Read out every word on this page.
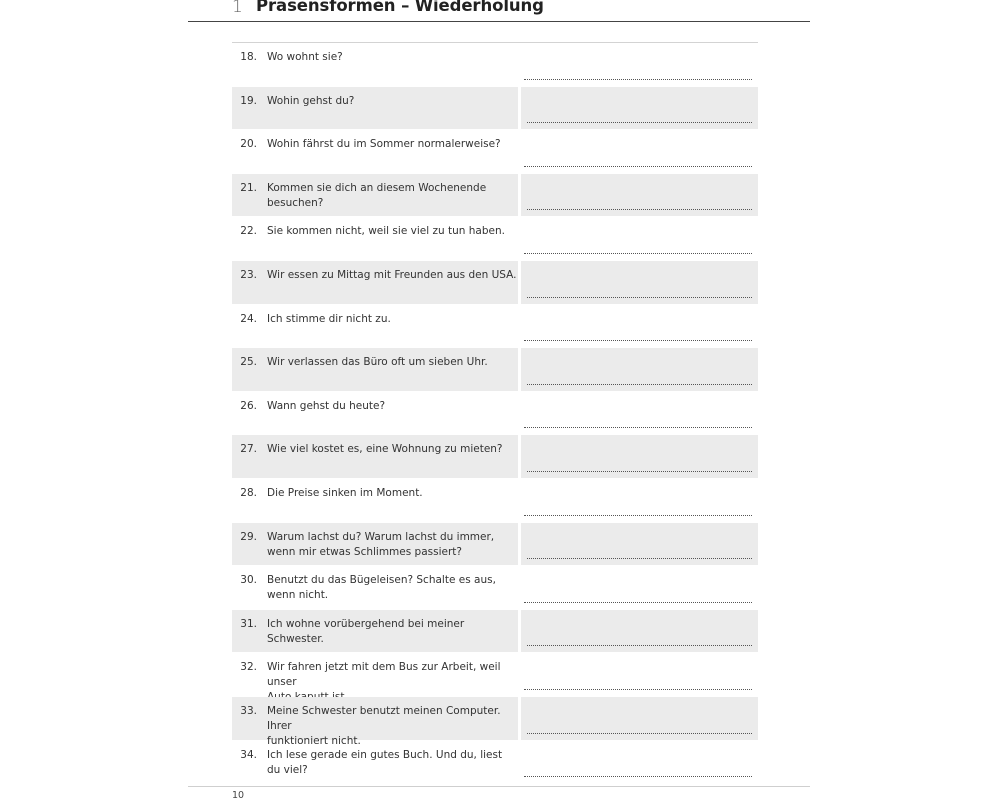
1 Präsensformen – Wiederholung
18. Wo wohnt sie?
19. Wohin gehst du?
20. Wohin fährst du im Sommer normalerweise?
21. Kommen sie dich an diesem Wochenende besuchen?
22. Sie kommen nicht, weil sie viel zu tun haben.
23. Wir essen zu Mittag mit Freunden aus den USA.
24. Ich stimme dir nicht zu.
25. Wir verlassen das Büro oft um sieben Uhr.
26. Wann gehst du heute?
27. Wie viel kostet es, eine Wohnung zu mieten?
28. Die Preise sinken im Moment.
29. Warum lachst du? Warum lachst du immer,
wenn mir etwas Schlimmes passiert?
30. Benutzt du das Bügeleisen? Schalte es aus, wenn nicht.
31. Ich wohne vorübergehend bei meiner Schwester.
32. Wir fahren jetzt mit dem Bus zur Arbeit, weil unser

33. Meine Schwester benutzt meinen Computer. Ihrer
funktioniert nicht.
34. Ich lese gerade ein gutes Buch. Und du, liest du viel?
10
